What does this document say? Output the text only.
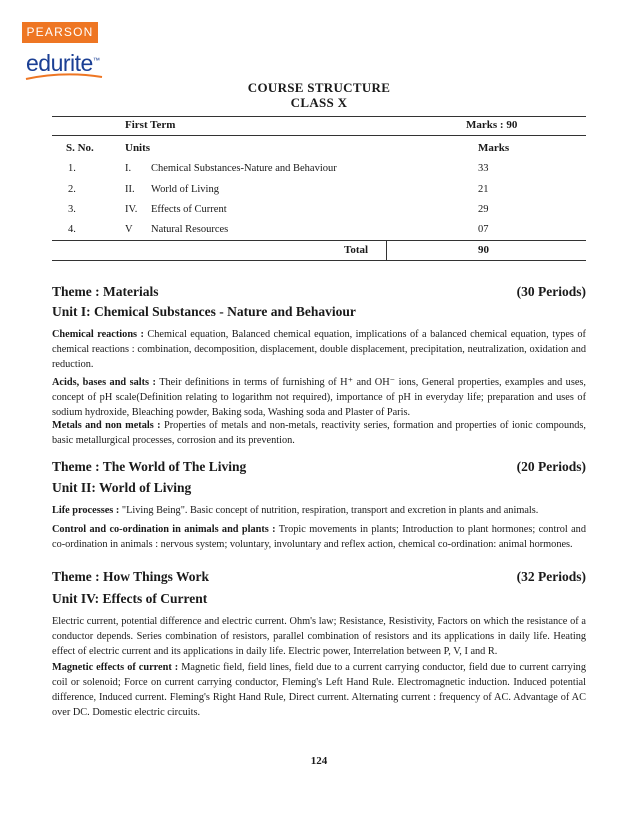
PEARSON
edurite™
COURSE STRUCTURE
CLASS X
First Term	Marks : 90
S. No.	Units	Marks
1.	I. Chemical Substances-Nature and Behaviour	33
2.	II. World of Living	21
3.	IV. Effects of Current	29
4.	V Natural Resources	07
Total	90
Theme : Materials	(30 Periods)
Unit I: Chemical Substances - Nature and Behaviour

Chemical reactions : Chemical equation, Balanced chemical equation, implications of a balanced chemical equation, types of chemical reactions : combination, decomposition, displacement, double displacement, precipitation, neutralization, oxidation and reduction.

Acids, bases and salts : Their definitions in terms of furnishing of H⁺ and OH⁻ ions, General properties, examples and uses, concept of pH scale(Definition relating to logarithm not required), importance of pH in everyday life; preparation and uses of sodium hydroxide, Bleaching powder, Baking soda, Washing soda and Plaster of Paris.

Metals and non metals : Properties of metals and non-metals, reactivity series, formation and properties of ionic compounds, basic metallurgical processes, corrosion and its prevention.

Theme : The World of The Living	(20 Periods)
Unit II: World of Living

Life processes : "Living Being". Basic concept of nutrition, respiration, transport and excretion in plants and animals.

Control and co-ordination in animals and plants : Tropic movements in plants; Introduction to plant hormones; control and co-ordination in animals : nervous system; voluntary, involuntary and reflex action, chemical co-ordination: animal hormones.

Theme : How Things Work	(32 Periods)
Unit IV: Effects of Current

Electric current, potential difference and electric current. Ohm's law; Resistance, Resistivity, Factors on which the resistance of a conductor depends. Series combination of resistors, parallel combination of resistors and its applications in daily life. Heating effect of electric current and its applications in daily life. Electric power, Interrelation between P, V, I and R.

Magnetic effects of current : Magnetic field, field lines, field due to a current carrying conductor, field due to current carrying coil or solenoid; Force on current carrying conductor, Fleming's Left Hand Rule. Electromagnetic induction. Induced potential difference, Induced current. Fleming's Right Hand Rule, Direct current. Alternating current : frequency of AC. Advantage of AC over DC. Domestic electric circuits.

124
